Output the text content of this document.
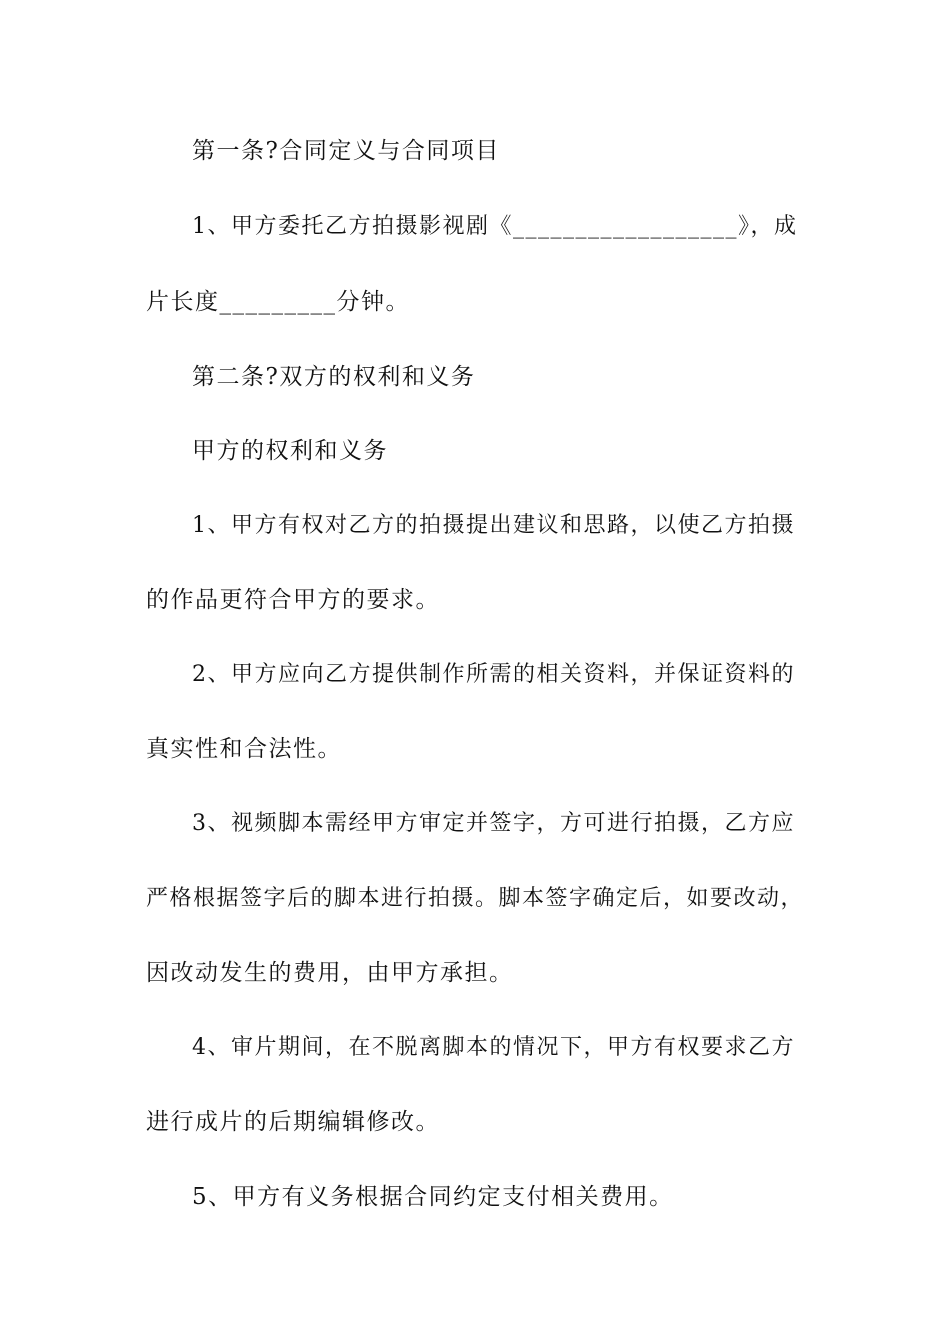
第一条?合同定义与合同项目
1、甲方委托乙方拍摄影视剧《__________________》，成
片长度_________分钟。
第二条?双方的权利和义务
甲方的权利和义务
1、甲方有权对乙方的拍摄提出建议和思路，以使乙方拍摄
的作品更符合甲方的要求。
2、甲方应向乙方提供制作所需的相关资料，并保证资料的
真实性和合法性。
3、视频脚本需经甲方审定并签字，方可进行拍摄，乙方应
严格根据签字后的脚本进行拍摄。脚本签字确定后，如要改动，
因改动发生的费用，由甲方承担。
4、审片期间，在不脱离脚本的情况下，甲方有权要求乙方
进行成片的后期编辑修改。
5、甲方有义务根据合同约定支付相关费用。
